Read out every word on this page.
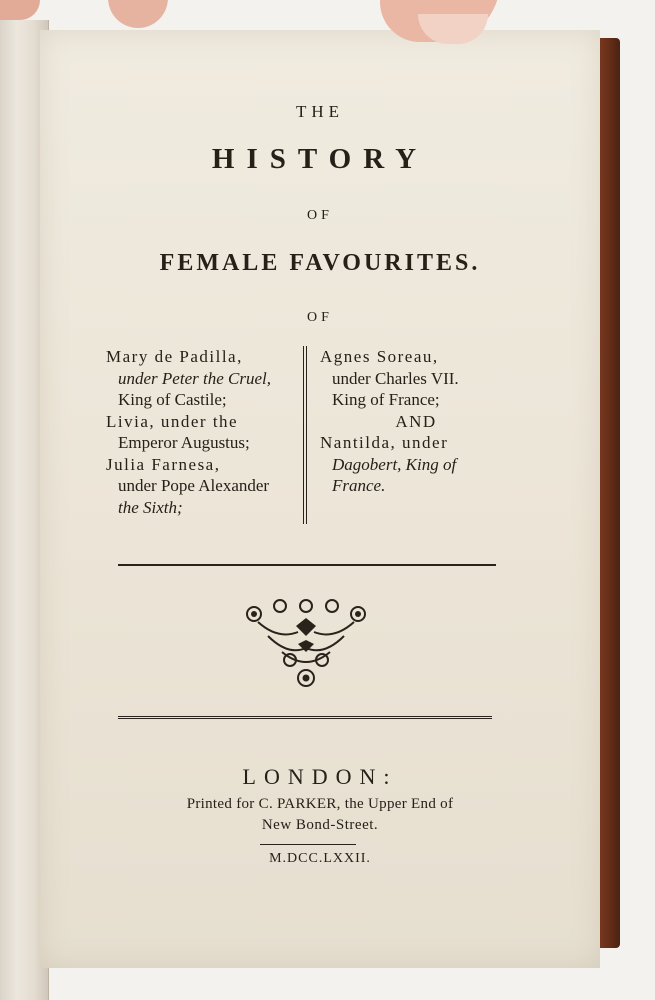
THE
HISTORY
OF
FEMALE FAVOURITES.
OF
Mary de Padilla,
under Peter the Cruel,
King of Castile;
Livia, under the
Emperor Augustus;
Julia Farnesa,
under Pope Alexander
the Sixth;
Agnes Soreau,
under Charles VII.
King of France;
AND
Nantilda, under
Dagobert, King of
France.
LONDON:
Printed for C. PARKER, the Upper End of
New Bond-Street.
M.DCC.LXXII.
